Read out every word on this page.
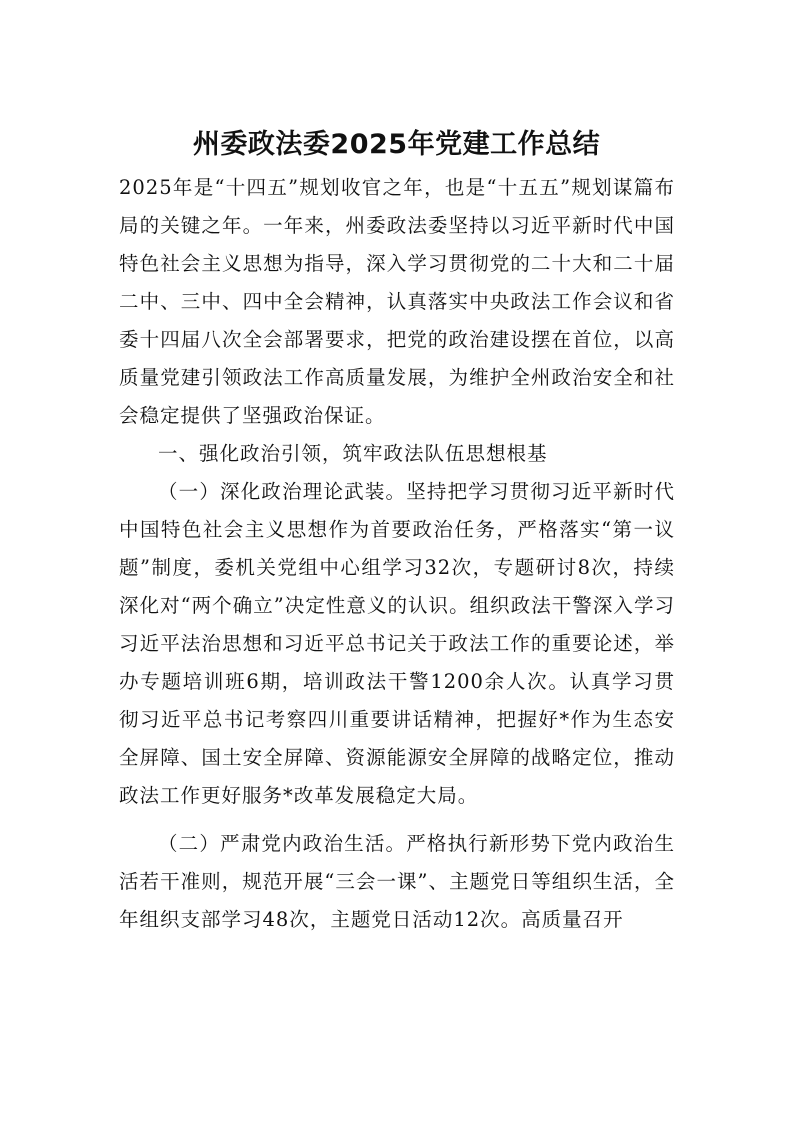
州委政法委2025年党建工作总结

2025年是“十四五”规划收官之年，也是“十五五”规划谋篇布局的关键之年。一年来，州委政法委坚持以习近平新时代中国特色社会主义思想为指导，深入学习贯彻党的二十大和二十届二中、三中、四中全会精神，认真落实中央政法工作会议和省委十四届八次全会部署要求，把党的政治建设摆在首位，以高质量党建引领政法工作高质量发展，为维护全州政治安全和社会稳定提供了坚强政治保证。

一、强化政治引领，筑牢政法队伍思想根基

（一）深化政治理论武装。坚持把学习贯彻习近平新时代中国特色社会主义思想作为首要政治任务，严格落实“第一议题”制度，委机关党组中心组学习32次，专题研讨8次，持续深化对“两个确立”决定性意义的认识。组织政法干警深入学习习近平法治思想和习近平总书记关于政法工作的重要论述，举办专题培训班6期，培训政法干警1200余人次。认真学习贯彻习近平总书记考察四川重要讲话精神，把握好*作为生态安全屏障、国土安全屏障、资源能源安全屏障的战略定位，推动政法工作更好服务*改革发展稳定大局。

（二）严肃党内政治生活。严格执行新形势下党内政治生活若干准则，规范开展“三会一课”、主题党日等组织生活，全年组织支部学习48次，主题党日活动12次。高质量召开
